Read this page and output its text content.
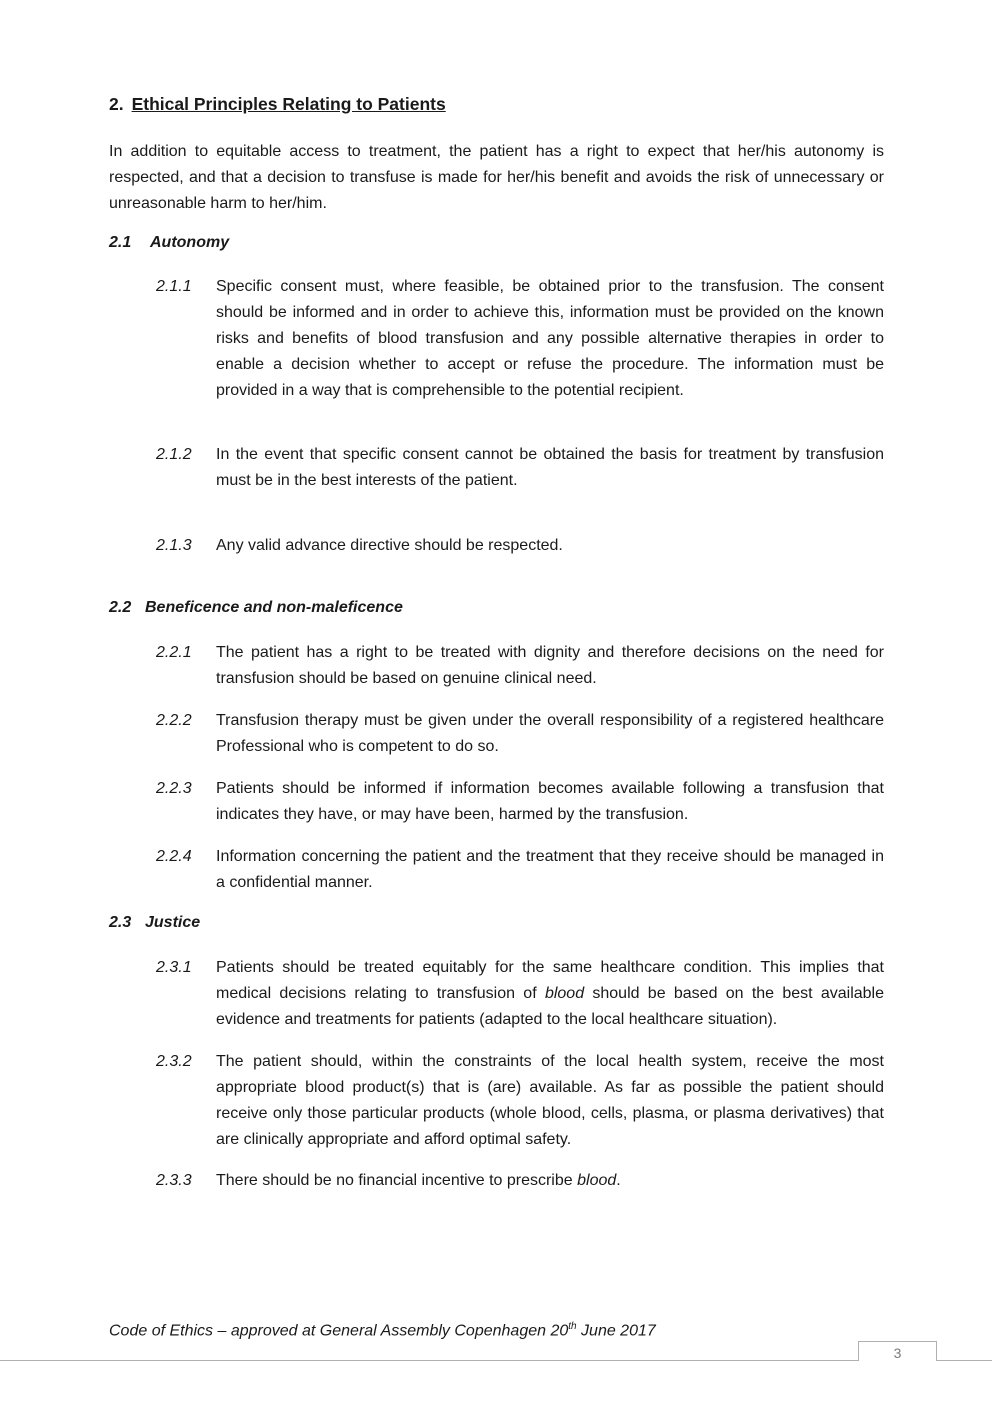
2. Ethical Principles Relating to Patients
In addition to equitable access to treatment, the patient has a right to expect that her/his autonomy is respected, and that a decision to transfuse is made for her/his benefit and avoids the risk of unnecessary or unreasonable harm to her/him.
2.1 Autonomy
2.1.1 Specific consent must, where feasible, be obtained prior to the transfusion. The consent should be informed and in order to achieve this, information must be provided on the known risks and benefits of blood transfusion and any possible alternative therapies in order to enable a decision whether to accept or refuse the procedure. The information must be provided in a way that is comprehensible to the potential recipient.
2.1.2 In the event that specific consent cannot be obtained the basis for treatment by transfusion must be in the best interests of the patient.
2.1.3 Any valid advance directive should be respected.
2.2 Beneficence and non-maleficence
2.2.1 The patient has a right to be treated with dignity and therefore decisions on the need for transfusion should be based on genuine clinical need.
2.2.2 Transfusion therapy must be given under the overall responsibility of a registered healthcare Professional who is competent to do so.
2.2.3 Patients should be informed if information becomes available following a transfusion that indicates they have, or may have been, harmed by the transfusion.
2.2.4 Information concerning the patient and the treatment that they receive should be managed in a confidential manner.
2.3 Justice
2.3.1 Patients should be treated equitably for the same healthcare condition. This implies that medical decisions relating to transfusion of blood should be based on the best available evidence and treatments for patients (adapted to the local healthcare situation).
2.3.2 The patient should, within the constraints of the local health system, receive the most appropriate blood product(s) that is (are) available. As far as possible the patient should receive only those particular products (whole blood, cells, plasma, or plasma derivatives) that are clinically appropriate and afford optimal safety.
2.3.3 There should be no financial incentive to prescribe blood.
Code of Ethics – approved at General Assembly Copenhagen 20th June 2017
3
